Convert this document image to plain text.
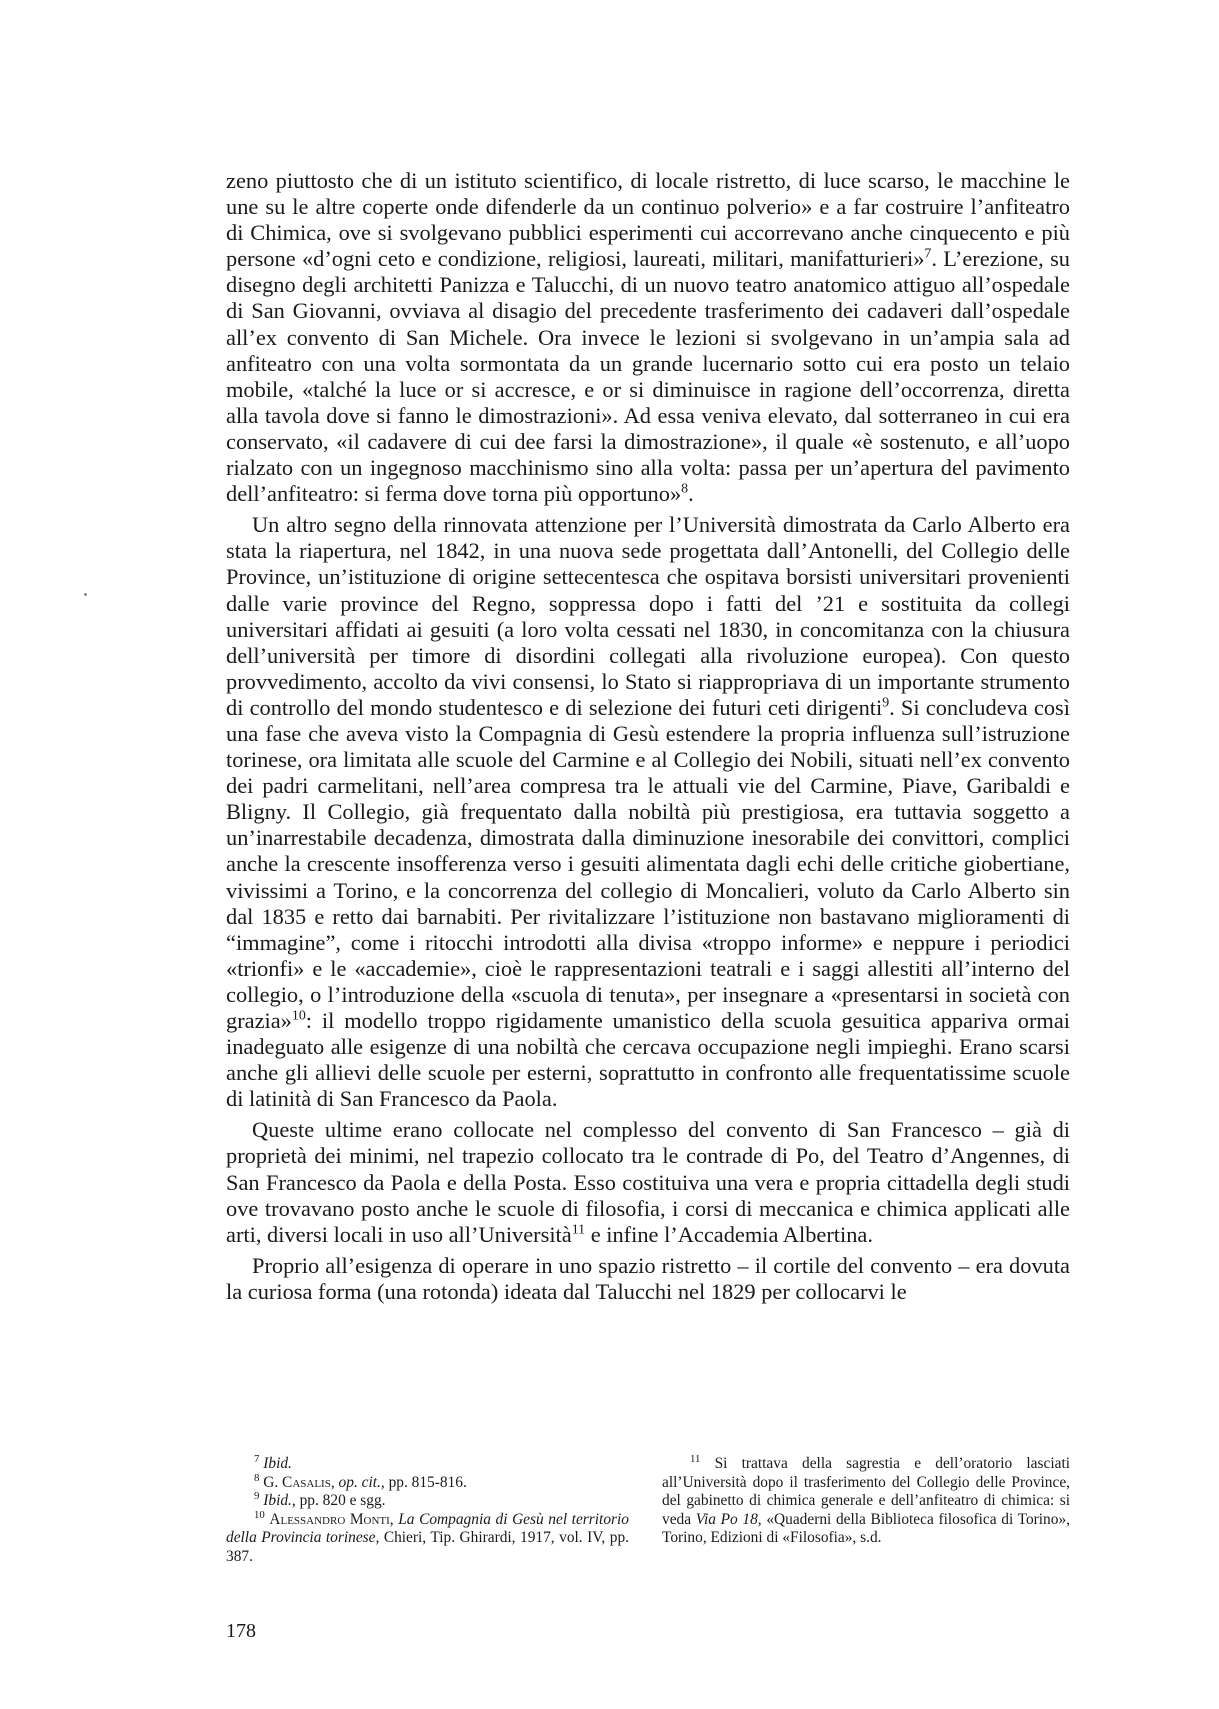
zeno piuttosto che di un istituto scientifico, di locale ristretto, di luce scarso, le macchine le une su le altre coperte onde difenderle da un continuo polverio» e a far costruire l’anfiteatro di Chimica, ove si svolgevano pubblici esperimenti cui accorrevano anche cinquecento e più persone «d’ogni ceto e condizione, religiosi, laureati, militari, manifatturieri»$^7$. L’erezione, su disegno degli architetti Panizza e Talucchi, di un nuovo teatro anatomico attiguo all’ospedale di San Giovanni, ovviava al disagio del precedente trasferimento dei cadaveri dall’ospedale all’ex convento di San Michele. Ora invece le lezioni si svolgevano in un’ampia sala ad anfiteatro con una volta sormontata da un grande lucernario sotto cui era posto un telaio mobile, «talché la luce or si accresce, e or si diminuisce in ragione dell’occorrenza, diretta alla tavola dove si fanno le dimostrazioni». Ad essa veniva elevato, dal sotterraneo in cui era conservato, «il cadavere di cui dee farsi la dimostrazione», il quale «è sostenuto, e all’uopo rialzato con un ingegnoso macchinismo sino alla volta: passa per un’apertura del pavimento dell’anfiteatro: si ferma dove torna più opportuno»$^8$.

Un altro segno della rinnovata attenzione per l’Università dimostrata da Carlo Alberto era stata la riapertura, nel 1842, in una nuova sede progettata dall’Antonelli, del Collegio delle Province, un’istituzione di origine settecentesca che ospitava borsisti universitari provenienti dalle varie province del Regno, soppressa dopo i fatti del ’21 e sostituita da collegi universitari affidati ai gesuiti (a loro volta cessati nel 1830, in concomitanza con la chiusura dell’università per timore di disordini collegati alla rivoluzione europea). Con questo provvedimento, accolto da vivi consensi, lo Stato si riappropriava di un importante strumento di controllo del mondo studentesco e di selezione dei futuri ceti dirigenti$^9$. Si concludeva così una fase che aveva visto la Compagnia di Gesù estendere la propria influenza sull’istruzione torinese, ora limitata alle scuole del Carmine e al Collegio dei Nobili, situati nell’ex convento dei padri carmelitani, nell’area compresa tra le attuali vie del Carmine, Piave, Garibaldi e Bligny. Il Collegio, già frequentato dalla nobiltà più prestigiosa, era tuttavia soggetto a un’inarrestabile decadenza, dimostrata dalla diminuzione inesorabile dei convittori, complici anche la crescente insofferenza verso i gesuiti alimentata dagli echi delle critiche giobertiane, vivissimi a Torino, e la concorrenza del collegio di Moncalieri, voluto da Carlo Alberto sin dal 1835 e retto dai barnabiti. Per rivitalizzare l’istituzione non bastavano miglioramenti di “immagine”, come i ritocchi introdotti alla divisa «troppo informe» e neppure i periodici «trionfi» e le «accademie», cioè le rappresentazioni teatrali e i saggi allestiti all’interno del collegio, o l’introduzione della «scuola di tenuta», per insegnare a «presentarsi in società con grazia»$^{10}$: il modello troppo rigidamente umanistico della scuola gesuitica appariva ormai inadeguato alle esigenze di una nobiltà che cercava occupazione negli impieghi. Erano scarsi anche gli allievi delle scuole per esterni, soprattutto in confronto alle frequentatissime scuole di latinità di San Francesco da Paola.

Queste ultime erano collocate nel complesso del convento di San Francesco – già di proprietà dei minimi, nel trapezio collocato tra le contrade di Po, del Teatro d’Angennes, di San Francesco da Paola e della Posta. Esso costituiva una vera e propria cittadella degli studi ove trovavano posto anche le scuole di filosofia, i corsi di meccanica e chimica applicati alle arti, diversi locali in uso all’Università$^{11}$ e infine l’Accademia Albertina.

Proprio all’esigenza di operare in uno spazio ristretto – il cortile del convento – era dovuta la curiosa forma (una rotonda) ideata dal Talucchi nel 1829 per collocarvi le

$^7$ Ibid.

$^8$ G. Casalis, op. cit., pp. 815-816.

$^9$ Ibid., pp. 820 e sgg.

$^{10}$ Alessandro Monti, La Compagnia di Gesù nel territorio della Provincia torinese, Chieri, Tip. Ghirardi, 1917, vol. IV, pp. 387.

$^{11}$ Si trattava della sagrestia e dell’oratorio lasciati all’Università dopo il trasferimento del Collegio delle Province, del gabinetto di chimica generale e dell’anfiteatro di chimica: si veda Via Po 18, «Quaderni della Biblioteca filosofica di Torino», Torino, Edizioni di «Filosofia», s.d.

178
